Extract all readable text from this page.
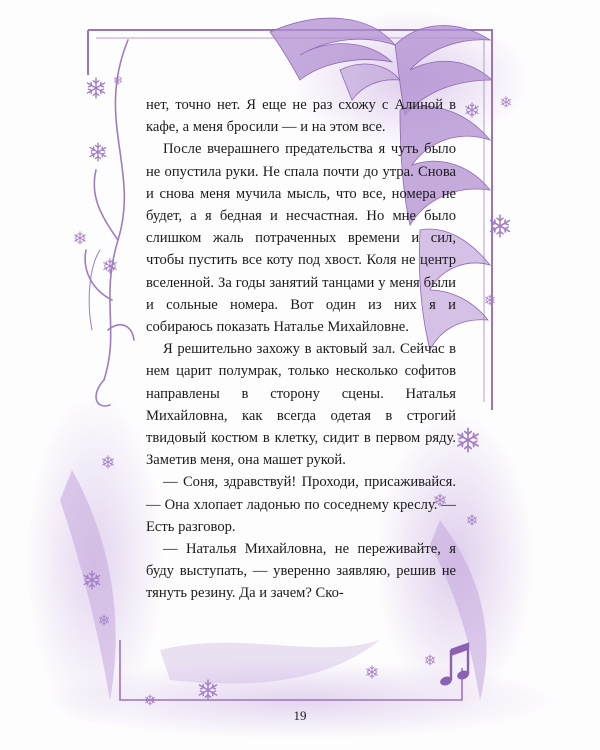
нет, точно нет. Я еще не раз схожу с Алиной в кафе, а меня бросили — и на этом все.

После вчерашнего предательства я чуть было не опустила руки. Не спала почти до утра. Снова и снова меня мучила мысль, что все, номера не будет, а я бедная и несчастная. Но мне было слишком жаль потраченных времени и сил, чтобы пустить все коту под хвост. Коля не центр вселенной. За годы занятий танцами у меня были и сольные номера. Вот один из них я и собираюсь показать Наталье Михайловне.

Я решительно захожу в актовый зал. Сейчас в нем царит полумрак, только несколько софитов направлены в сторону сцены. Наталья Михайловна, как всегда одетая в строгий твидовый костюм в клетку, сидит в первом ряду. Заметив меня, она машет рукой.

— Соня, здравствуй! Проходи, присаживайся. — Она хлопает ладонью по соседнему креслу. — Есть разговор.

— Наталья Михайловна, не переживайте, я буду выступать, — уверенно заявляю, решив не тянуть резину. Да и зачем? Ско-

19
